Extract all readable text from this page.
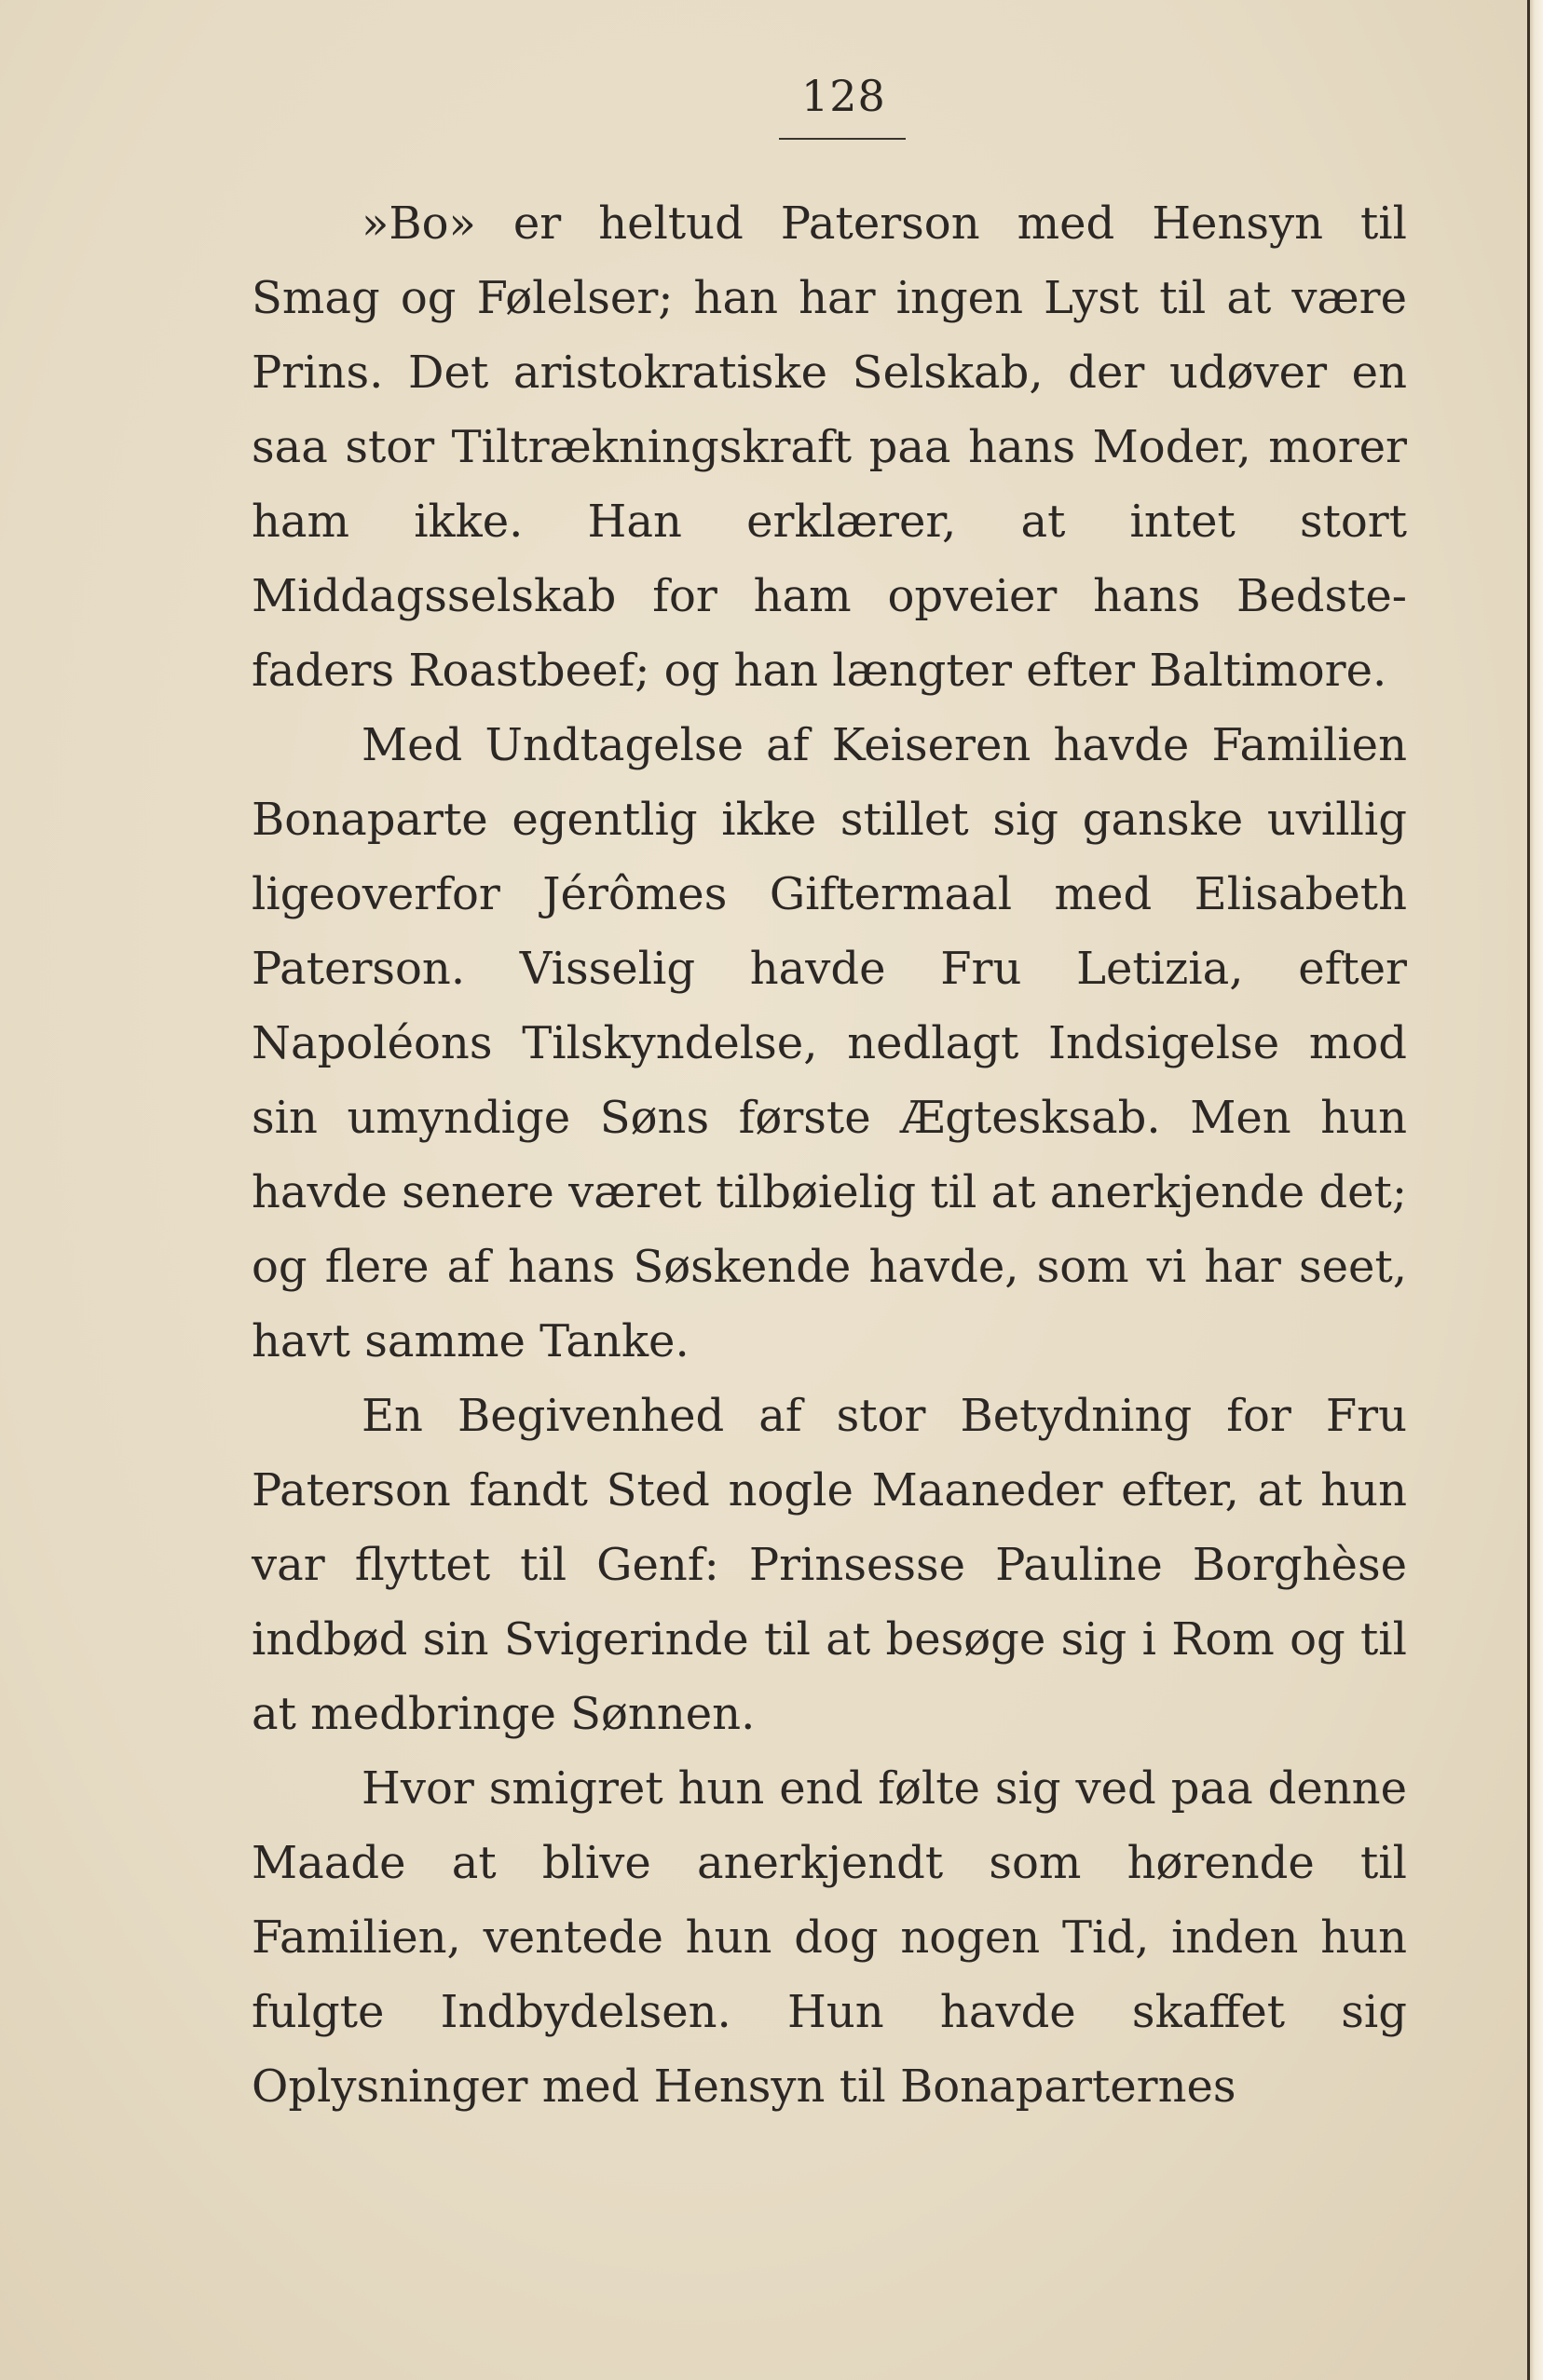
128

»Bo» er heltud Paterson med Hensyn til Smag og Følelser; han har ingen Lyst til at være Prins. Det aristokratiske Selskab, der udøver en saa stor Tiltrækningskraft paa hans Moder, morer ham ikke. Han erklærer, at intet stort Middagsselskab for ham opveier hans Bedstefaders Roastbeef; og han længter efter Baltimore.

Med Undtagelse af Keiseren havde Familien Bonaparte egentlig ikke stillet sig ganske uvillig ligeoverfor Jérômes Giftermaal med Elisabeth Paterson. Visselig havde Fru Letizia, efter Napoléons Tilskyndelse, nedlagt Indsigelse mod sin umyndige Søns første Ægtesksab. Men hun havde senere været tilbøielig til at anerkjende det; og flere af hans Søskende havde, som vi har seet, havt samme Tanke.

En Begivenhed af stor Betydning for Fru Paterson fandt Sted nogle Maaneder efter, at hun var flyttet til Genf: Prinsesse Pauline Borghèse indbød sin Svigerinde til at besøge sig i Rom og til at medbringe Sønnen.

Hvor smigret hun end følte sig ved paa denne Maade at blive anerkjendt som hørende til Familien, ventede hun dog nogen Tid, inden hun fulgte Indbydelsen. Hun havde skaffet sig Oplysninger med Hensyn til Bonaparternes
